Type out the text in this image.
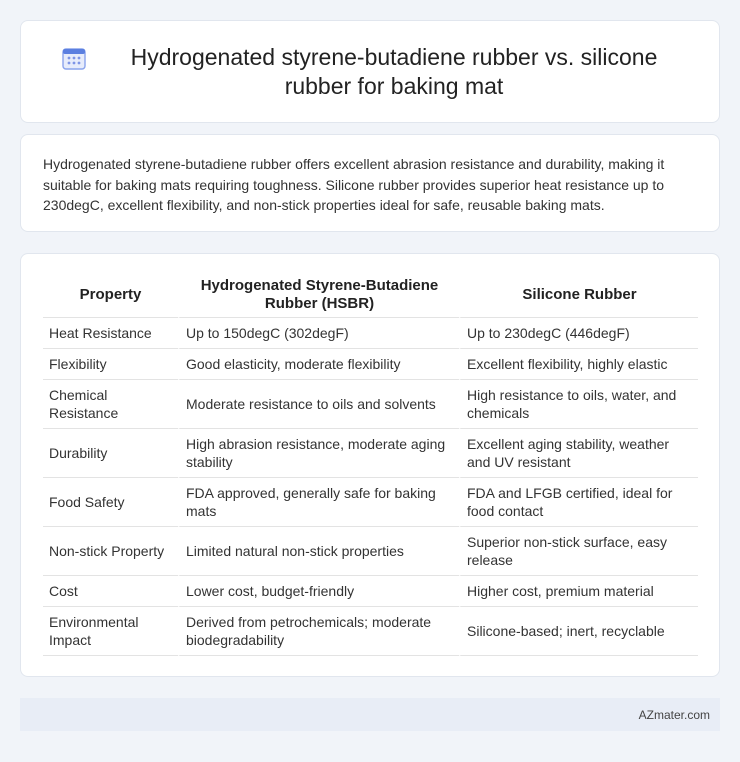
Hydrogenated styrene-butadiene rubber vs. silicone rubber for baking mat

Hydrogenated styrene-butadiene rubber offers excellent abrasion resistance and durability, making it suitable for baking mats requiring toughness. Silicone rubber provides superior heat resistance up to 230degC, excellent flexibility, and non-stick properties ideal for safe, reusable baking mats.

Property	Hydrogenated Styrene-Butadiene Rubber (HSBR)	Silicone Rubber
Heat Resistance	Up to 150degC (302degF)	Up to 230degC (446degF)
Flexibility	Good elasticity, moderate flexibility	Excellent flexibility, highly elastic
Chemical Resistance	Moderate resistance to oils and solvents	High resistance to oils, water, and chemicals
Durability	High abrasion resistance, moderate aging stability	Excellent aging stability, weather and UV resistant
Food Safety	FDA approved, generally safe for baking mats	FDA and LFGB certified, ideal for food contact
Non-stick Property	Limited natural non-stick properties	Superior non-stick surface, easy release
Cost	Lower cost, budget-friendly	Higher cost, premium material
Environmental Impact	Derived from petrochemicals; moderate biodegradability	Silicone-based; inert, recyclable
AZmater.com
